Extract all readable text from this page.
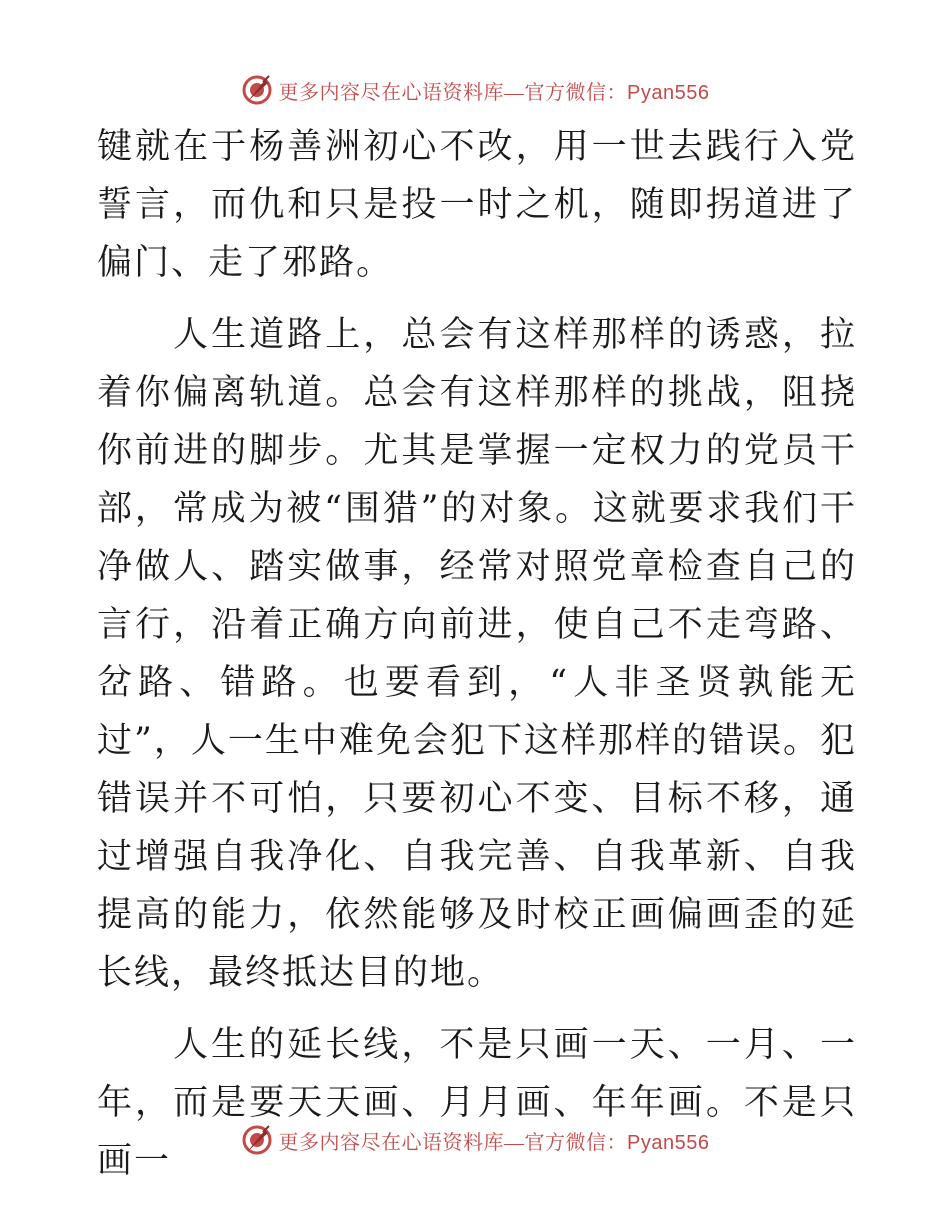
更多内容尽在心语资料库—官方微信：Pyan556

键就在于杨善洲初心不改，用一世去践行入党誓言，而仇和只是投一时之机，随即拐道进了偏门、走了邪路。

人生道路上，总会有这样那样的诱惑，拉着你偏离轨道。总会有这样那样的挑战，阻挠你前进的脚步。尤其是掌握一定权力的党员干部，常成为被“围猎”的对象。这就要求我们干净做人、踏实做事，经常对照党章检查自己的言行，沿着正确方向前进，使自己不走弯路、岔路、错路。也要看到，“人非圣贤孰能无过”，人一生中难免会犯下这样那样的错误。犯错误并不可怕，只要初心不变、目标不移，通过增强自我净化、自我完善、自我革新、自我提高的能力，依然能够及时校正画偏画歪的延长线，最终抵达目的地。

人生的延长线，不是只画一天、一月、一年，而是要天天画、月月画、年年画。不是只画一	更多内容尽在心语资料库—官方微信：Pyan556
